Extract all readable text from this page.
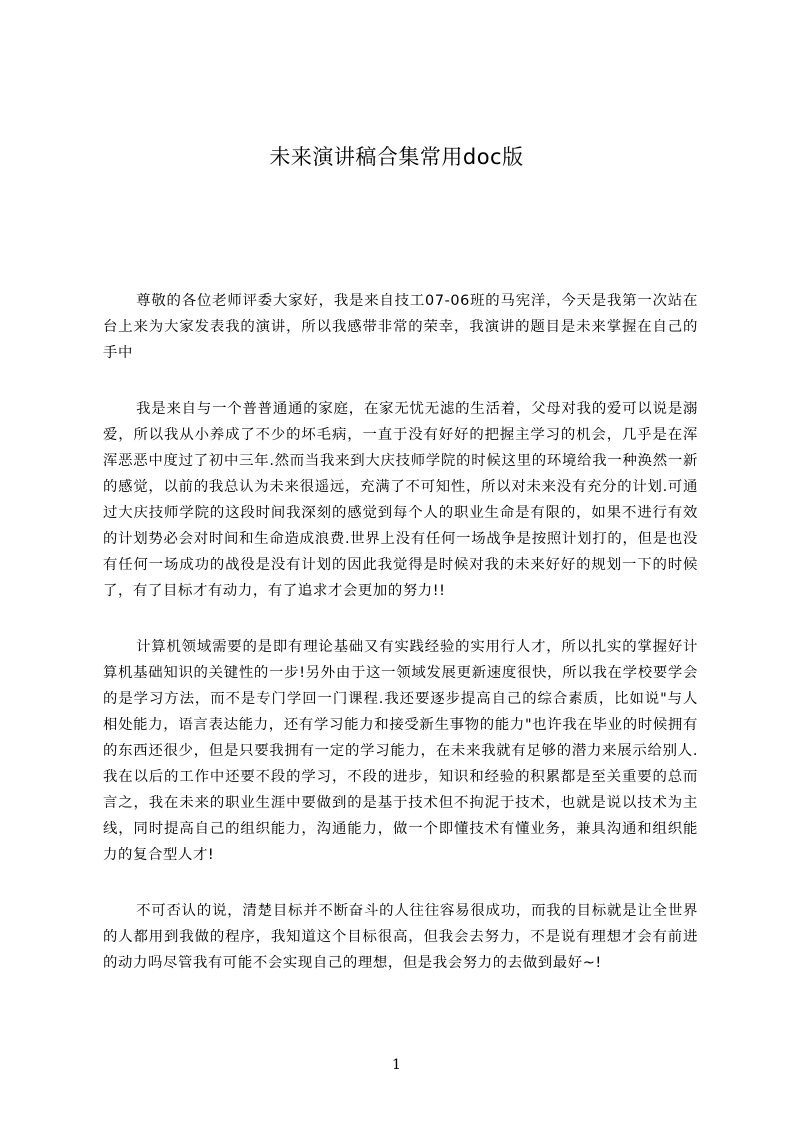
未来演讲稿合集常用doc版

尊敬的各位老师评委大家好，我是来自技工07-06班的马宪洋，今天是我第一次站在台上来为大家发表我的演讲，所以我感带非常的荣幸，我演讲的题目是未来掌握在自己的手中

我是来自与一个普普通通的家庭，在家无忧无滤的生活着，父母对我的爱可以说是溺爱，所以我从小养成了不少的坏毛病，一直于没有好好的把握主学习的机会，几乎是在浑浑恶恶中度过了初中三年.然而当我来到大庆技师学院的时候这里的环境给我一种涣然一新的感觉，以前的我总认为未来很遥远，充满了不可知性，所以对未来没有充分的计划.可通过大庆技师学院的这段时间我深刻的感觉到每个人的职业生命是有限的，如果不进行有效的计划势必会对时间和生命造成浪费.世界上没有任何一场战争是按照计划打的，但是也没有任何一场成功的战役是没有计划的因此我觉得是时候对我的未来好好的规划一下的时候了，有了目标才有动力，有了追求才会更加的努力!!

计算机领域需要的是即有理论基础又有实践经验的实用行人才，所以扎实的掌握好计算机基础知识的关键性的一步!另外由于这一领域发展更新速度很快，所以我在学校要学会的是学习方法，而不是专门学回一门课程.我还要逐步提高自己的综合素质，比如说"与人相处能力，语言表达能力，还有学习能力和接受新生事物的能力"也许我在毕业的时候拥有的东西还很少，但是只要我拥有一定的学习能力，在未来我就有足够的潜力来展示给别人.我在以后的工作中还要不段的学习，不段的进步，知识和经验的积累都是至关重要的总而言之，我在未来的职业生涯中要做到的是基于技术但不拘泥于技术，也就是说以技术为主线，同时提高自己的组织能力，沟通能力，做一个即懂技术有懂业务，兼具沟通和组织能力的复合型人才!

不可否认的说，清楚目标并不断奋斗的人往往容易很成功，而我的目标就是让全世界的人都用到我做的程序，我知道这个目标很高，但我会去努力，不是说有理想才会有前进的动力吗尽管我有可能不会实现自己的理想，但是我会努力的去做到最好~!

1
